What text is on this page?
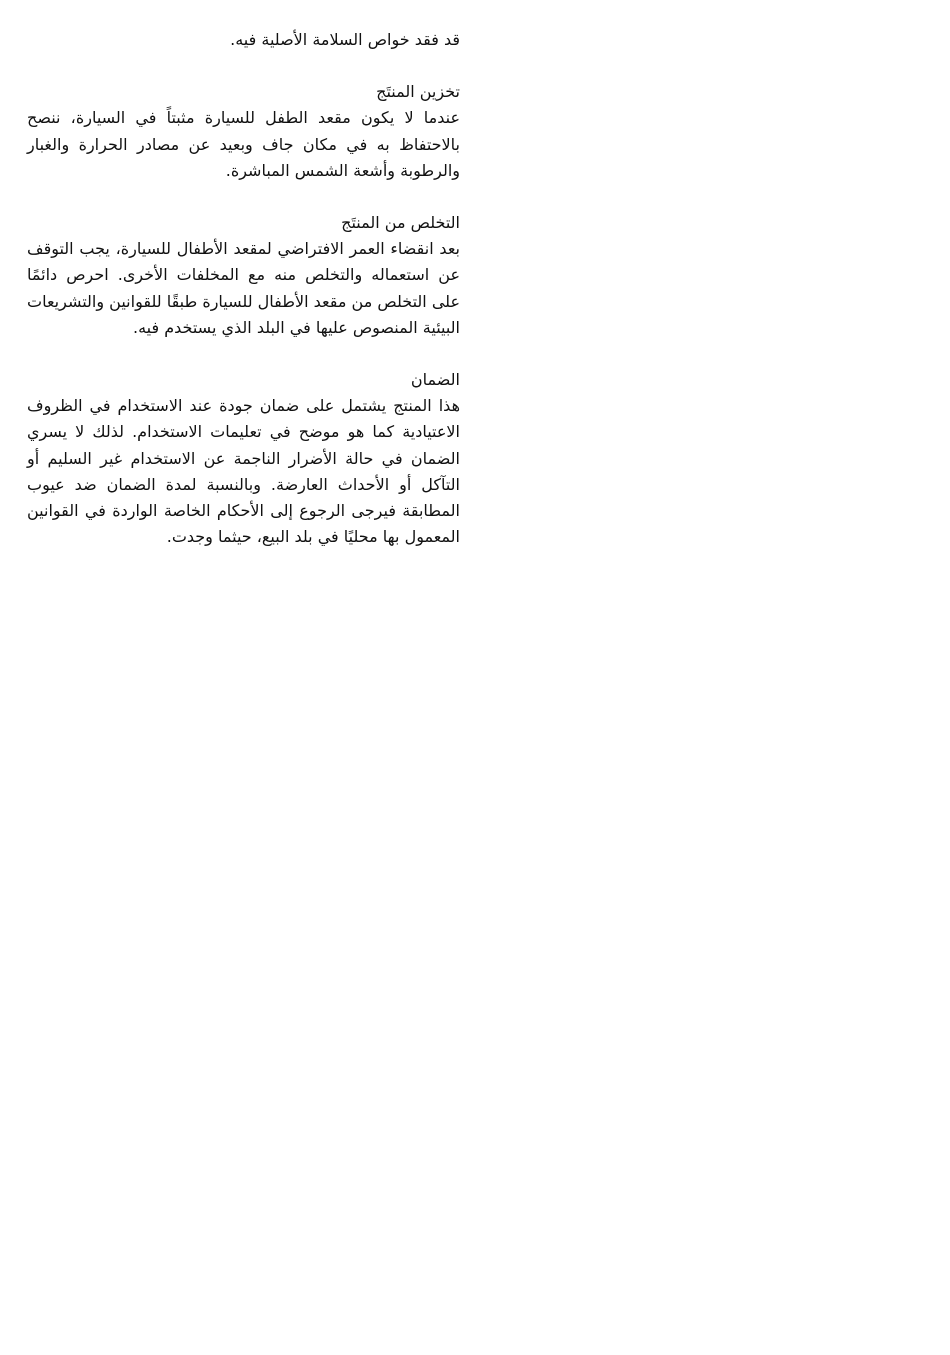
قد فقد خواص السلامة الأصلية فيه.

تخزين المنتَج

عندما لا يكون مقعد الطفل للسيارة مثبتاً في السيارة، ننصح بالاحتفاظ به في مكان جاف وبعيد عن مصادر الحرارة والغبار والرطوبة وأشعة الشمس المباشرة.

التخلص من المنتَج

بعد انقضاء العمر الافتراضي لمقعد الأطفال للسيارة، يجب التوقف عن استعماله والتخلص منه مع المخلفات الأخرى. احرص دائمًا على التخلص من مقعد الأطفال للسيارة طبقًا للقوانين والتشريعات البيئية المنصوص عليها في البلد الذي يستخدم فيه.

الضمان

هذا المنتج يشتمل على ضمان جودة عند الاستخدام في الظروف الاعتيادية كما هو موضح في تعليمات الاستخدام. لذلك لا يسري الضمان في حالة الأضرار الناجمة عن الاستخدام غير السليم أو التآكل أو الأحداث العارضة. وبالنسبة لمدة الضمان ضد عيوب المطابقة فيرجى الرجوع إلى الأحكام الخاصة الواردة في القوانين المعمول بها محليًا في بلد البيع، حيثما وجدت.
